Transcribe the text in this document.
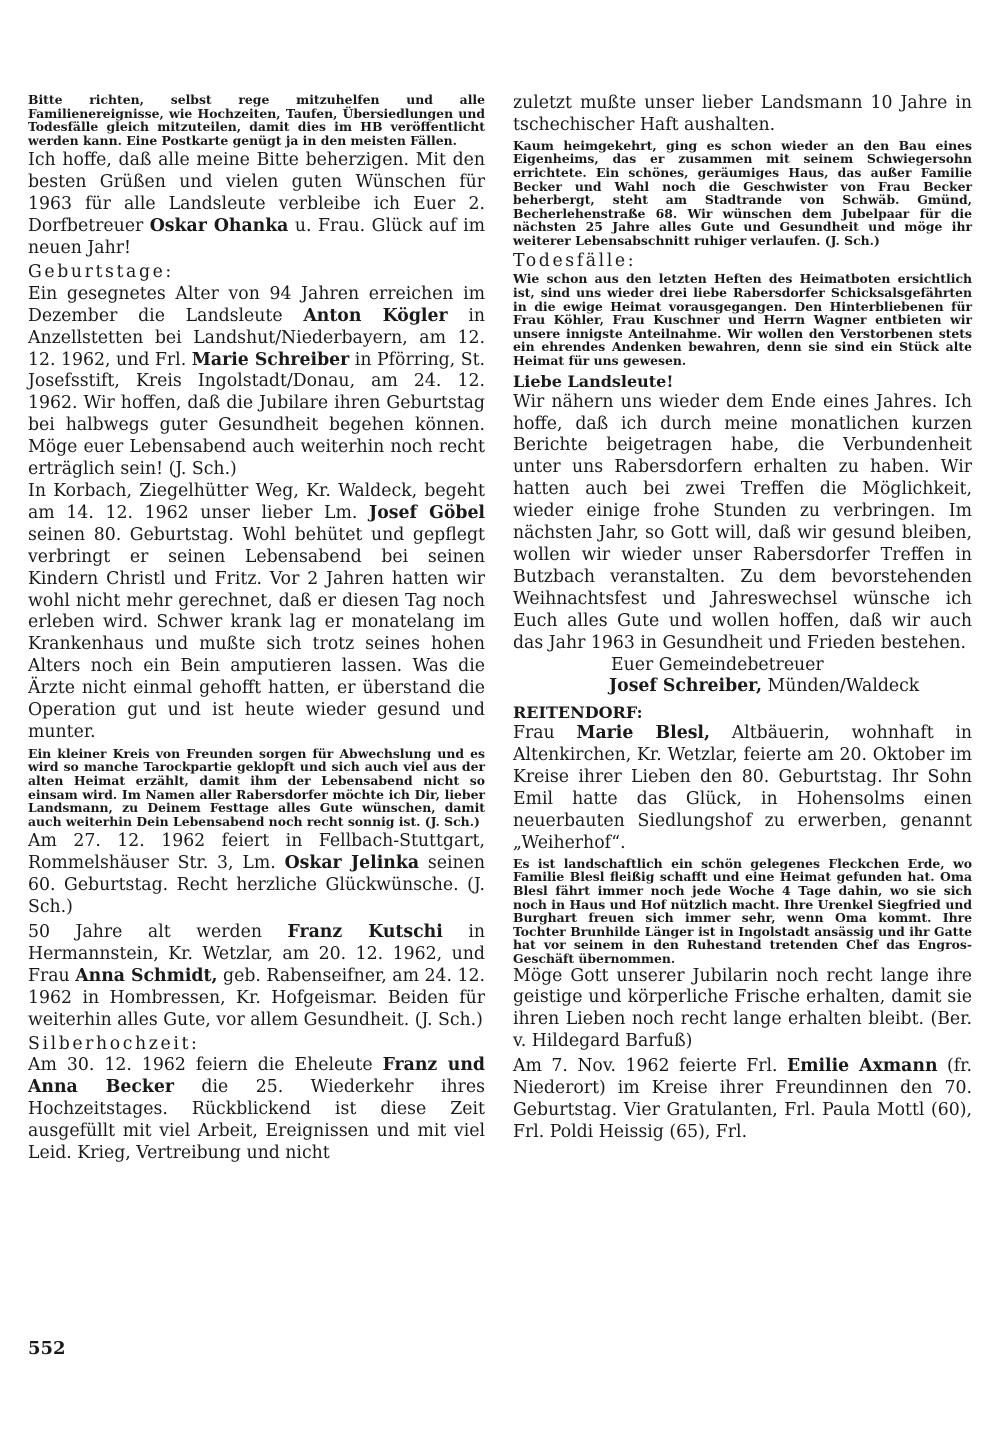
Bitte richten, selbst rege mitzuhelfen und alle Familienereignisse, wie Hochzeiten, Taufen, Übersiedlungen und Todesfälle gleich mitzuteilen, damit dies im HB veröffentlicht werden kann. Eine Postkarte genügt ja in den meisten Fällen.

Ich hoffe, daß alle meine Bitte beherzigen. Mit den besten Grüßen und vielen guten Wünschen für 1963 für alle Landsleute verbleibe ich Euer 2. Dorfbetreuer Oskar Ohanka u. Frau. Glück auf im neuen Jahr!

Geburtstage:

Ein gesegnetes Alter von 94 Jahren erreichen im Dezember die Landsleute Anton Kögler in Anzellstetten bei Landshut/Niederbayern, am 12. 12. 1962, und Frl. Marie Schreiber in Pförring, St. Josefsstift, Kreis Ingolstadt/Donau, am 24. 12. 1962. Wir hoffen, daß die Jubilare ihren Geburtstag bei halbwegs guter Gesundheit begehen können. Möge euer Lebensabend auch weiterhin noch recht erträglich sein! (J. Sch.)

In Korbach, Ziegelhütter Weg, Kr. Waldeck, begeht am 14. 12. 1962 unser lieber Lm. Josef Göbel seinen 80. Geburtstag. Wohl behütet und gepflegt verbringt er seinen Lebensabend bei seinen Kindern Christl und Fritz. Vor 2 Jahren hatten wir wohl nicht mehr gerechnet, daß er diesen Tag noch erleben wird. Schwer krank lag er monatelang im Krankenhaus und mußte sich trotz seines hohen Alters noch ein Bein amputieren lassen. Was die Ärzte nicht einmal gehofft hatten, er überstand die Operation gut und ist heute wieder gesund und munter.

Ein kleiner Kreis von Freunden sorgen für Abwechslung und es wird so manche Tarockpartie geklopft und sich auch viel aus der alten Heimat erzählt, damit ihm der Lebensabend nicht so einsam wird. Im Namen aller Rabersdorfer möchte ich Dir, lieber Landsmann, zu Deinem Festtage alles Gute wünschen, damit auch weiterhin Dein Lebensabend noch recht sonnig ist. (J. Sch.)

Am 27. 12. 1962 feiert in Fellbach-Stuttgart, Rommelshäuser Str. 3, Lm. Oskar Jelinka seinen 60. Geburtstag. Recht herzliche Glückwünsche. (J. Sch.)

50 Jahre alt werden Franz Kutschi in Hermannstein, Kr. Wetzlar, am 20. 12. 1962, und Frau Anna Schmidt, geb. Rabenseifner, am 24. 12. 1962 in Hombressen, Kr. Hofgeismar. Beiden für weiterhin alles Gute, vor allem Gesundheit. (J. Sch.)

Silberhochzeit:

Am 30. 12. 1962 feiern die Eheleute Franz und Anna Becker die 25. Wiederkehr ihres Hochzeitstages. Rückblickend ist diese Zeit ausgefüllt mit viel Arbeit, Ereignissen und mit viel Leid. Krieg, Vertreibung und nicht

zuletzt mußte unser lieber Landsmann 10 Jahre in tschechischer Haft aushalten.

Kaum heimgekehrt, ging es schon wieder an den Bau eines Eigenheims, das er zusammen mit seinem Schwiegersohn errichtete. Ein schönes, geräumiges Haus, das außer Familie Becker und Wahl noch die Geschwister von Frau Becker beherbergt, steht am Stadtrande von Schwäb. Gmünd, Becherlehenstraße 68. Wir wünschen dem Jubelpaar für die nächsten 25 Jahre alles Gute und Gesundheit und möge ihr weiterer Lebensabschnitt ruhiger verlaufen. (J. Sch.)

Todesfälle:

Wie schon aus den letzten Heften des Heimatboten ersichtlich ist, sind uns wieder drei liebe Rabersdorfer Schicksalsgefährten in die ewige Heimat vorausgegangen. Den Hinterbliebenen für Frau Köhler, Frau Kuschner und Herrn Wagner entbieten wir unsere innigste Anteilnahme. Wir wollen den Verstorbenen stets ein ehrendes Andenken bewahren, denn sie sind ein Stück alte Heimat für uns gewesen.

Liebe Landsleute!

Wir nähern uns wieder dem Ende eines Jahres. Ich hoffe, daß ich durch meine monatlichen kurzen Berichte beigetragen habe, die Verbundenheit unter uns Rabersdorfern erhalten zu haben. Wir hatten auch bei zwei Treffen die Möglichkeit, wieder einige frohe Stunden zu verbringen. Im nächsten Jahr, so Gott will, daß wir gesund bleiben, wollen wir wieder unser Rabersdorfer Treffen in Butzbach veranstalten. Zu dem bevorstehenden Weihnachtsfest und Jahreswechsel wünsche ich Euch alles Gute und wollen hoffen, daß wir auch das Jahr 1963 in Gesundheit und Frieden bestehen.

Euer Gemeindebetreuer

Josef Schreiber, Münden/Waldeck

REITENDORF:

Frau Marie Blesl, Altbäuerin, wohnhaft in Altenkirchen, Kr. Wetzlar, feierte am 20. Oktober im Kreise ihrer Lieben den 80. Geburtstag. Ihr Sohn Emil hatte das Glück, in Hohensolms einen neuerbauten Siedlungshof zu erwerben, genannt „Weiherhof“.

Es ist landschaftlich ein schön gelegenes Fleckchen Erde, wo Familie Blesl fleißig schafft und eine Heimat gefunden hat. Oma Blesl fährt immer noch jede Woche 4 Tage dahin, wo sie sich noch in Haus und Hof nützlich macht. Ihre Urenkel Siegfried und Burghart freuen sich immer sehr, wenn Oma kommt. Ihre Tochter Brunhilde Länger ist in Ingolstadt ansässig und ihr Gatte hat vor seinem in den Ruhestand tretenden Chef das Engros-Geschäft übernommen.

Möge Gott unserer Jubilarin noch recht lange ihre geistige und körperliche Frische erhalten, damit sie ihren Lieben noch recht lange erhalten bleibt. (Ber. v. Hildegard Barfuß)

Am 7. Nov. 1962 feierte Frl. Emilie Axmann (fr. Niederort) im Kreise ihrer Freundinnen den 70. Geburtstag. Vier Gratulanten, Frl. Paula Mottl (60), Frl. Poldi Heissig (65), Frl.

552
